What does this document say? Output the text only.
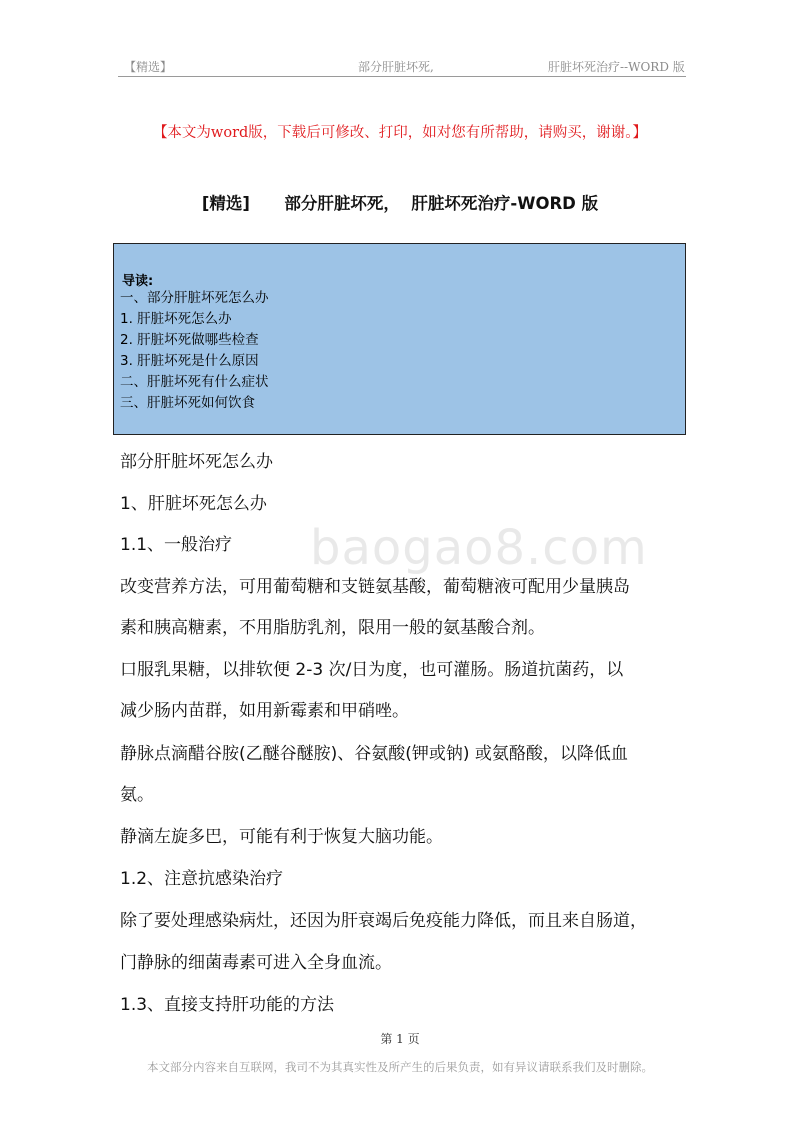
【精选】	部分肝脏坏死,	肝脏坏死治疗--WORD 版
【本文为word版，下载后可修改、打印，如对您有所帮助，请购买，谢谢。】
[精选]      部分肝脏坏死，  肝脏坏死治疗-WORD 版
导读:
一、部分肝脏坏死怎么办
1. 肝脏坏死怎么办
2. 肝脏坏死做哪些检查
3. 肝脏坏死是什么原因
二、肝脏坏死有什么症状
三、肝脏坏死如何饮食
baogao8.com
部分肝脏坏死怎么办
1、肝脏坏死怎么办
1.1、一般治疗
改变营养方法，可用葡萄糖和支链氨基酸，葡萄糖液可配用少量胰岛
素和胰高糖素，不用脂肪乳剂，限用一般的氨基酸合剂。
口服乳果糖，以排软便 2-3 次/日为度，也可灌肠。肠道抗菌药，以
减少肠内苗群，如用新霉素和甲硝唑。
静脉点滴醋谷胺(乙醚谷醚胺)、谷氨酸(钾或钠) 或氨酪酸，以降低血
氨。
静滴左旋多巴，可能有利于恢复大脑功能。
1.2、注意抗感染治疗
除了要处理感染病灶，还因为肝衰竭后免疫能力降低，而且来自肠道，
门静脉的细菌毒素可进入全身血流。
1.3、直接支持肝功能的方法
第 1 页
本文部分内容来自互联网，我司不为其真实性及所产生的后果负责，如有异议请联系我们及时删除。
